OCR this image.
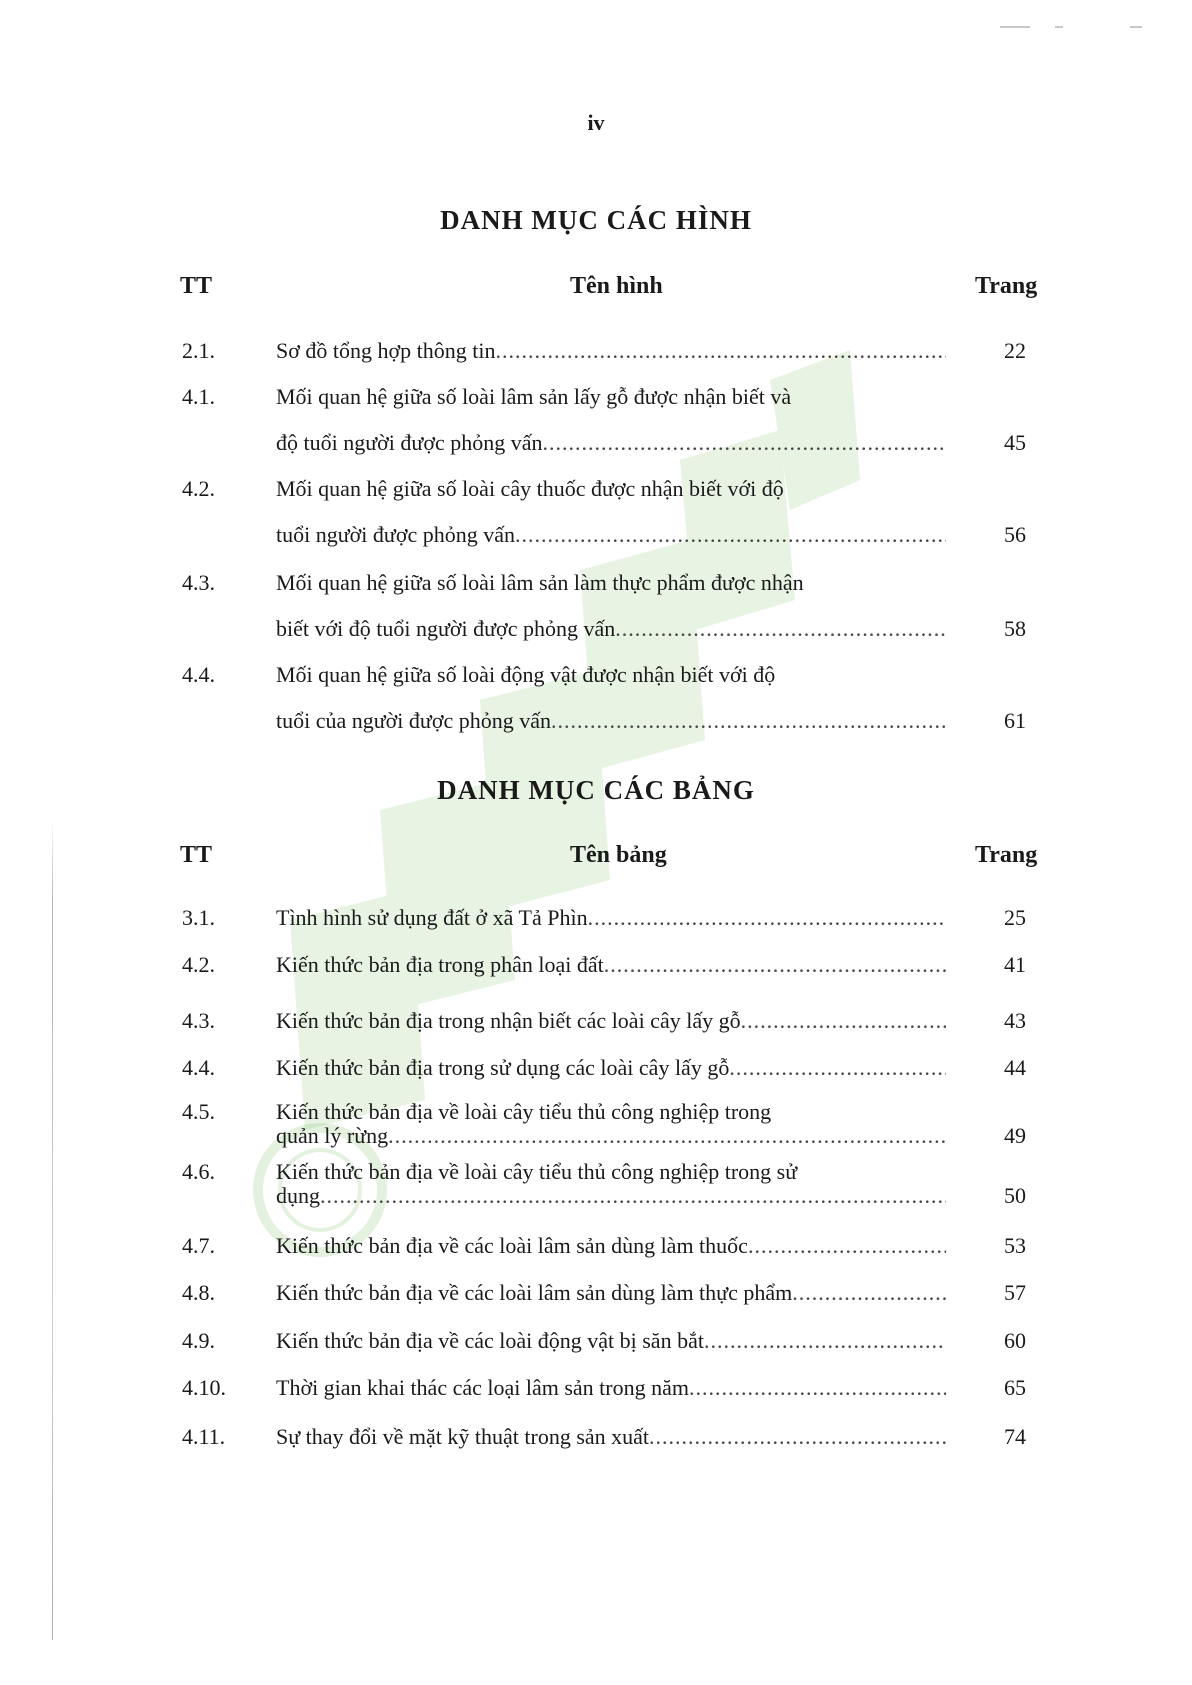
iv
DANH MỤC CÁC HÌNH
TT	Tên hình	Trang
2.1.	Sơ đồ tổng hợp thông tin .....	22
4.1.	Mối quan hệ giữa số loài lâm sản lấy gỗ được nhận biết và
độ tuổi người được phỏng vấn .....	45
4.2.	Mối quan hệ giữa số loài cây thuốc được nhận biết với độ
tuổi người được phỏng vấn .....	56
4.3.	Mối quan hệ giữa số loài lâm sản làm thực phẩm được nhận
biết với độ tuổi người được phỏng vấn .....	58
4.4.	Mối quan hệ giữa số loài động vật được nhận biết với độ
tuổi của người được phỏng vấn .....	61
DANH MỤC CÁC BẢNG
TT	Tên bảng	Trang
3.1.	Tình hình sử dụng đất ở xã Tả Phìn .....	25
4.2.	Kiến thức bản địa trong phân loại đất .....	41
4.3.	Kiến thức bản địa trong nhận biết các loài cây lấy gỗ .....	43
4.4.	Kiến thức bản địa trong sử dụng các loài cây lấy gỗ .....	44
4.5.	Kiến thức bản địa về loài cây tiểu thủ công nghiệp trong
quản lý rừng .....	49
4.6.	Kiến thức bản địa về loài cây tiểu thủ công nghiệp trong sử
dụng .....	50
4.7.	Kiến thức bản địa về các loài lâm sản dùng làm thuốc .....	53
4.8.	Kiến thức bản địa về các loài lâm sản dùng làm thực phẩm .....	57
4.9.	Kiến thức bản địa về các loài động vật bị săn bắt .....	60
4.10. Thời gian khai thác các loại lâm sản trong năm .....	65
4.11. Sự thay đổi về mặt kỹ thuật trong sản xuất .....	74
